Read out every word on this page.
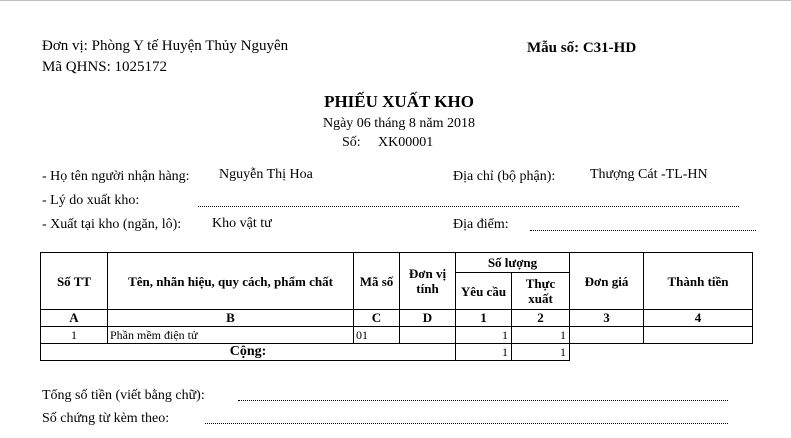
Đơn vị: Phòng Y tế Huyện Thủy Nguyên
Mã QHNS: 1025172
Mẫu số: C31-HD
PHIẾU XUẤT KHO
Ngày 06 tháng 8 năm 2018
Số: XK00001
- Họ tên người nhận hàng: Nguyễn Thị Hoa	Địa chỉ (bộ phận): Thượng Cát -TL-HN
- Lý do xuất kho:
- Xuất tại kho (ngăn, lô): Kho vật tư	Địa điểm:
Số TT	Tên, nhãn hiệu, quy cách, phẩm chất	Mã số	Đơn vị tính	Số lượng		Đơn giá	Thành tiền
				Yêu cầu	Thực xuất		
A	B	C	D	1	2	3	4
1	Phần mềm điện tử	01		1	1		
Cộng:				1	1		
Tổng số tiền (viết bằng chữ):
Số chứng từ kèm theo:
